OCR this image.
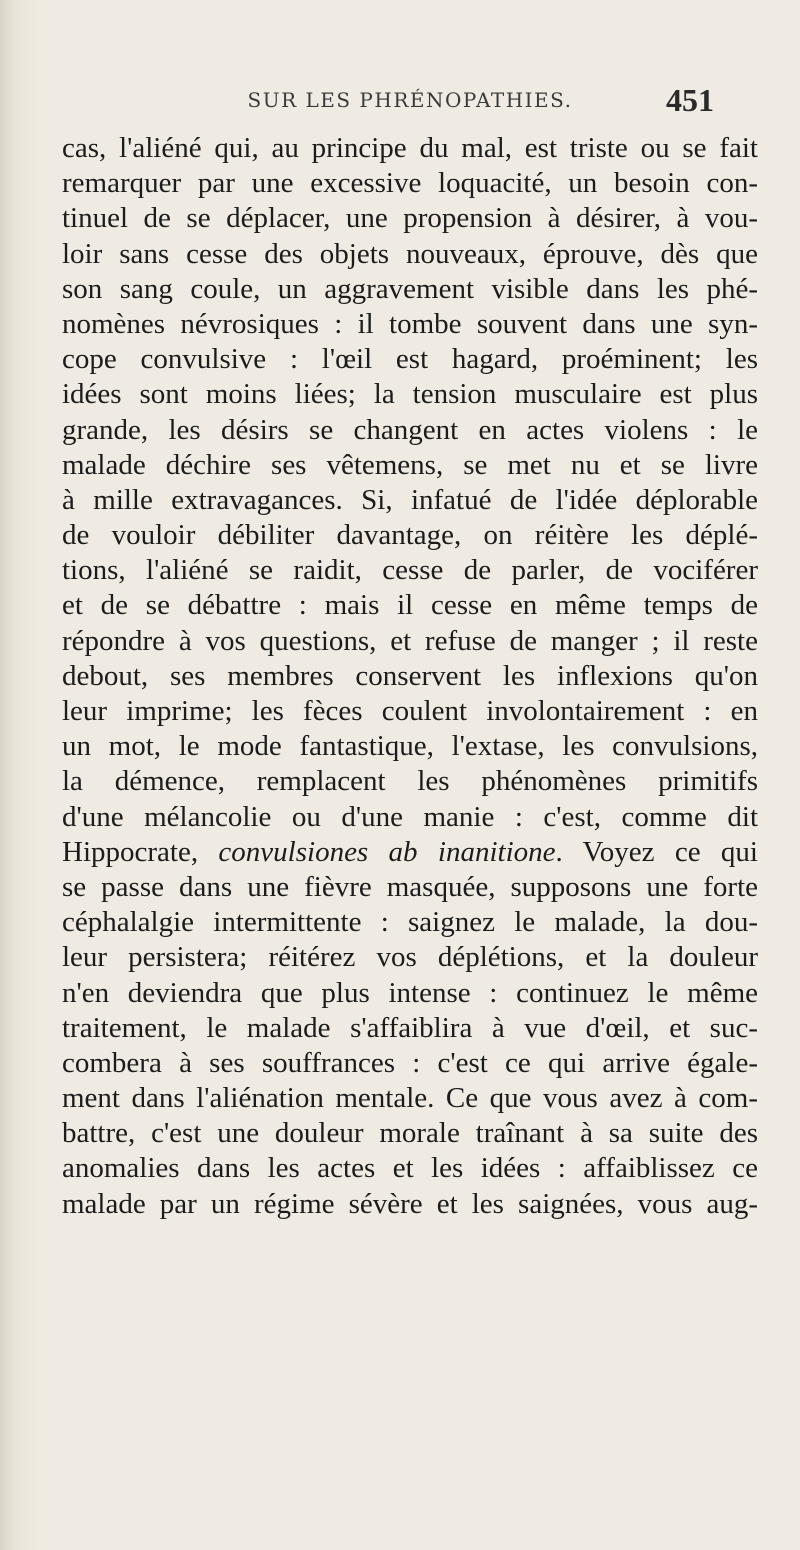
SUR LES PHRÉNOPATHIES.	451
cas, l'aliéné qui, au principe du mal, est triste ou se fait
remarquer par une excessive loquacité, un besoin con-
tinuel de se déplacer, une propension à désirer, à vou-
loir sans cesse des objets nouveaux, éprouve, dès que
son sang coule, un aggravement visible dans les phé-
nomènes névrosiques : il tombe souvent dans une syn-
cope convulsive : l'œil est hagard, proéminent; les
idées sont moins liées; la tension musculaire est plus
grande, les désirs se changent en actes violens : le
malade déchire ses vêtemens, se met nu et se livre
à mille extravagances. Si, infatué de l'idée déplorable
de vouloir débiliter davantage, on réitère les déplé-
tions, l'aliéné se raidit, cesse de parler, de vociférer
et de se débattre : mais il cesse en même temps de
répondre à vos questions, et refuse de manger ; il reste
debout, ses membres conservent les inflexions qu'on
leur imprime; les fèces coulent involontairement : en
un mot, le mode fantastique, l'extase, les convulsions,
la démence, remplacent les phénomènes primitifs
d'une mélancolie ou d'une manie : c'est, comme dit
Hippocrate, convulsiones ab inanitione. Voyez ce qui
se passe dans une fièvre masquée, supposons une forte
céphalalgie intermittente : saignez le malade, la dou-
leur persistera; réitérez vos déplétions, et la douleur
n'en deviendra que plus intense : continuez le même
traitement, le malade s'affaiblira à vue d'œil, et suc-
combera à ses souffrances : c'est ce qui arrive égale-
ment dans l'aliénation mentale. Ce que vous avez à com-
battre, c'est une douleur morale traînant à sa suite des
anomalies dans les actes et les idées : affaiblissez ce
malade par un régime sévère et les saignées, vous aug-
